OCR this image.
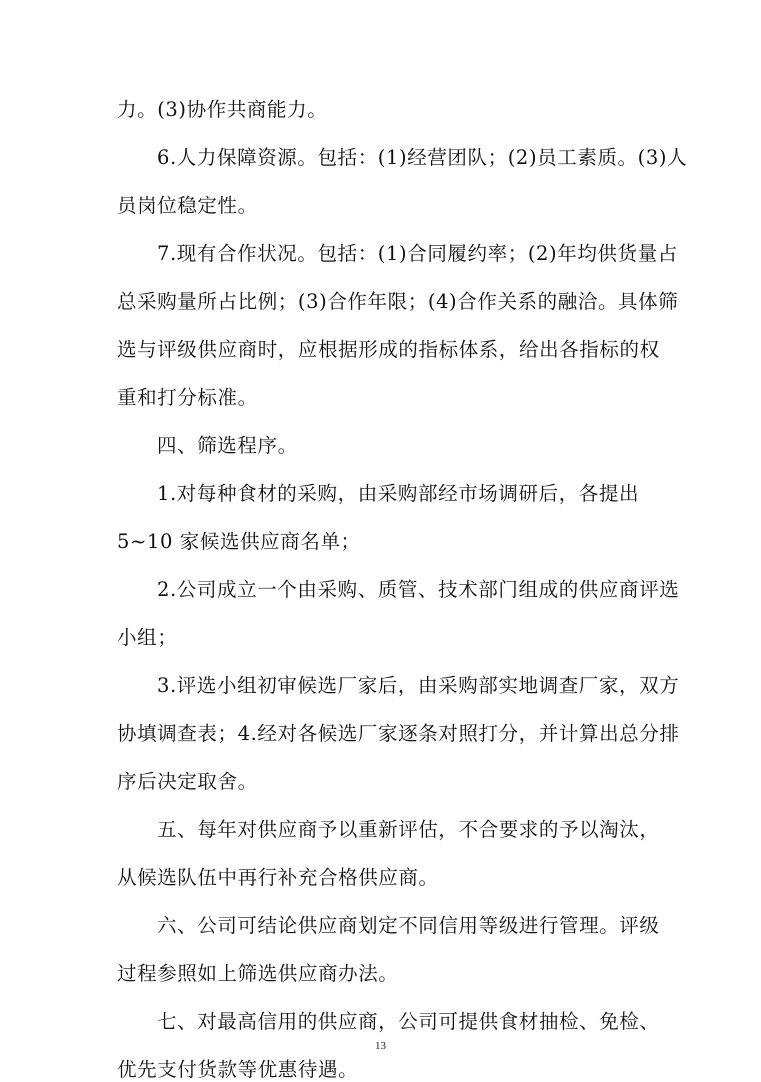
力。(3)协作共商能力。
6.人力保障资源。包括：(1)经营团队；(2)员工素质。(3)人
员岗位稳定性。
7.现有合作状况。包括：(1)合同履约率；(2)年均供货量占
总采购量所占比例；(3)合作年限；(4)合作关系的融洽。具体筛
选与评级供应商时，应根据形成的指标体系，给出各指标的权
重和打分标准。
四、筛选程序。
1.对每种食材的采购，由采购部经市场调研后，各提出
5~10 家候选供应商名单；
2.公司成立一个由采购、质管、技术部门组成的供应商评选
小组；
3.评选小组初审候选厂家后，由采购部实地调查厂家，双方
协填调查表；4.经对各候选厂家逐条对照打分，并计算出总分排
序后决定取舍。
五、每年对供应商予以重新评估，不合要求的予以淘汰，
从候选队伍中再行补充合格供应商。
六、公司可结论供应商划定不同信用等级进行管理。评级
过程参照如上筛选供应商办法。
七、对最高信用的供应商，公司可提供食材抽检、免检、
优先支付货款等优惠待遇。
13
